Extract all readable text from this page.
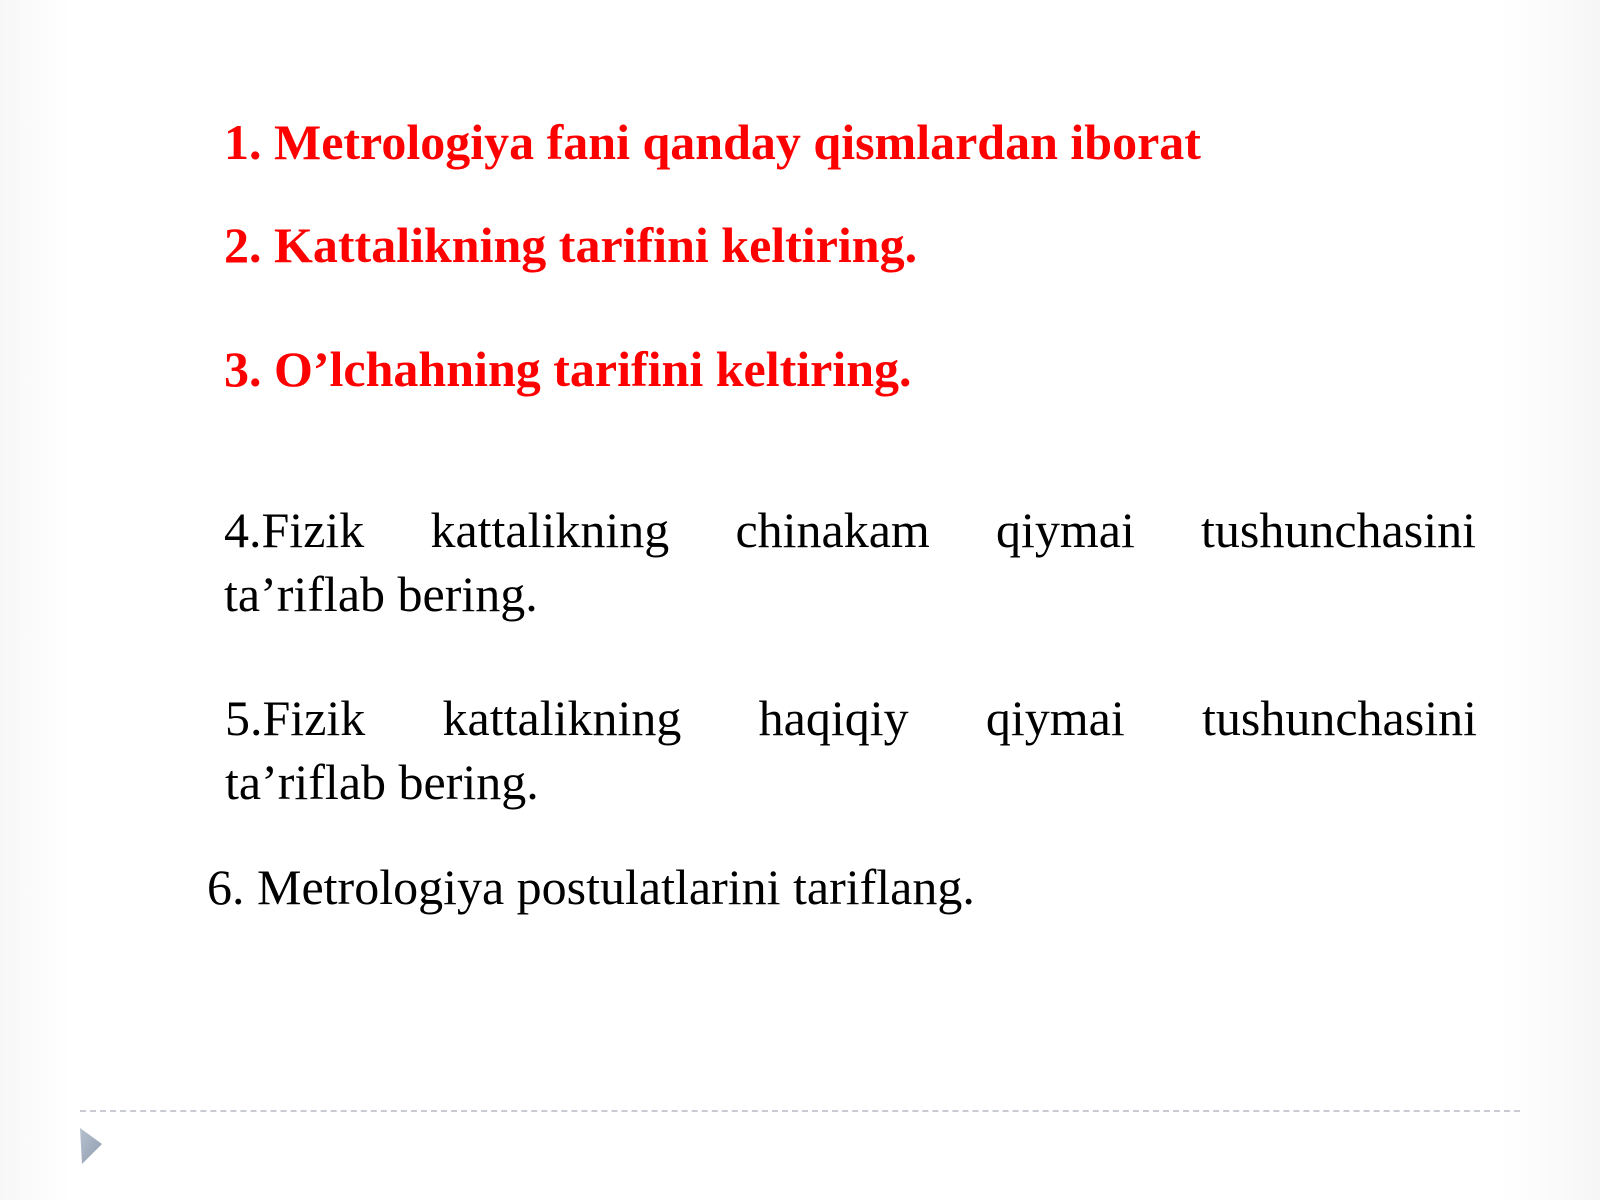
1. Metrologiya fani qanday qismlardan iborat

2. Kattalikning tarifini keltiring.

3. O’lchahning tarifini keltiring.

4.Fizik kattalikning chinakam qiymai tushunchasini
ta’riflab bering.
5.Fizik kattalikning haqiqiy qiymai tushunchasini
ta’riflab bering.

6. Metrologiya postulatlarini tariflang.
